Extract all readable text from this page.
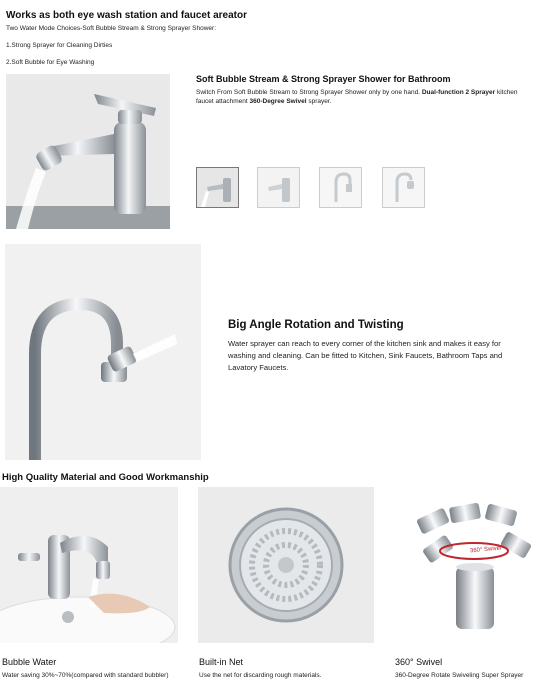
Works as both eye wash station and faucet areator
Two Water Mode Choices-Soft Bubble Stream & Strong Sprayer Shower:
1.Strong Sprayer for Cleaning Dirties
2.Soft Bubble for Eye Washing
Soft Bubble Stream & Strong Sprayer Shower for Bathroom
Switch From Soft Bubble Stream to Strong Sprayer Shower only by one hand. Dual-function 2 Sprayer kitchen faucet attachment 360-Degree Swivel sprayer.
Big Angle Rotation and Twisting
Water sprayer can reach to every corner of the kitchen sink and makes it easy for washing and cleaning. Can be fitted to Kitchen, Sink Faucets, Bathroom Taps and Lavatory Faucets.
High Quality Material and Good Workmanship
Bubble Water
Water saving 30%~70%(compared with standard bubbler)
Built-in Net
Use the net for discarding rough materials.
360° Swivel
360-Degree Rotate Swiveling Super Sprayer
360° Swivel
